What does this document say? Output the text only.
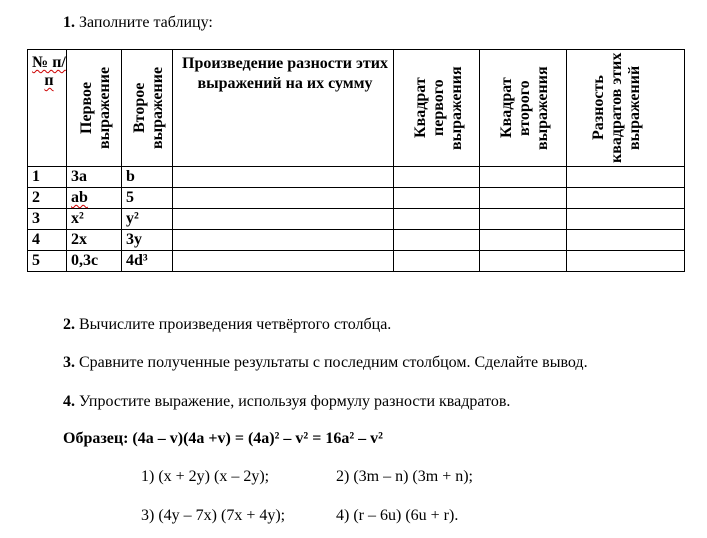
1. Заполните таблицу:
№ п/п	Первое выражение	Второе выражение	Произведение разности этих выражений на их сумму	Квадрат первого выражения	Квадрат второго выражения	Разность квадратов этих выражений

1	3a	b				
2	ab	5				
3	x²	y²				
4	2x	3y				
5	0,3c	4d³				
2. Вычислите произведения четвёртого столбца.
3. Сравните полученные результаты с последним столбцом. Сделайте вывод.
4. Упростите выражение, используя формулу разности квадратов.
Образец: (4a – v)(4a +v) = (4a)² – v² = 16a² – v²
1) (x + 2y) (x – 2y);	2) (3m – n) (3m + n);
3) (4y – 7x) (7x + 4y);	4) (r – 6u) (6u + r).
